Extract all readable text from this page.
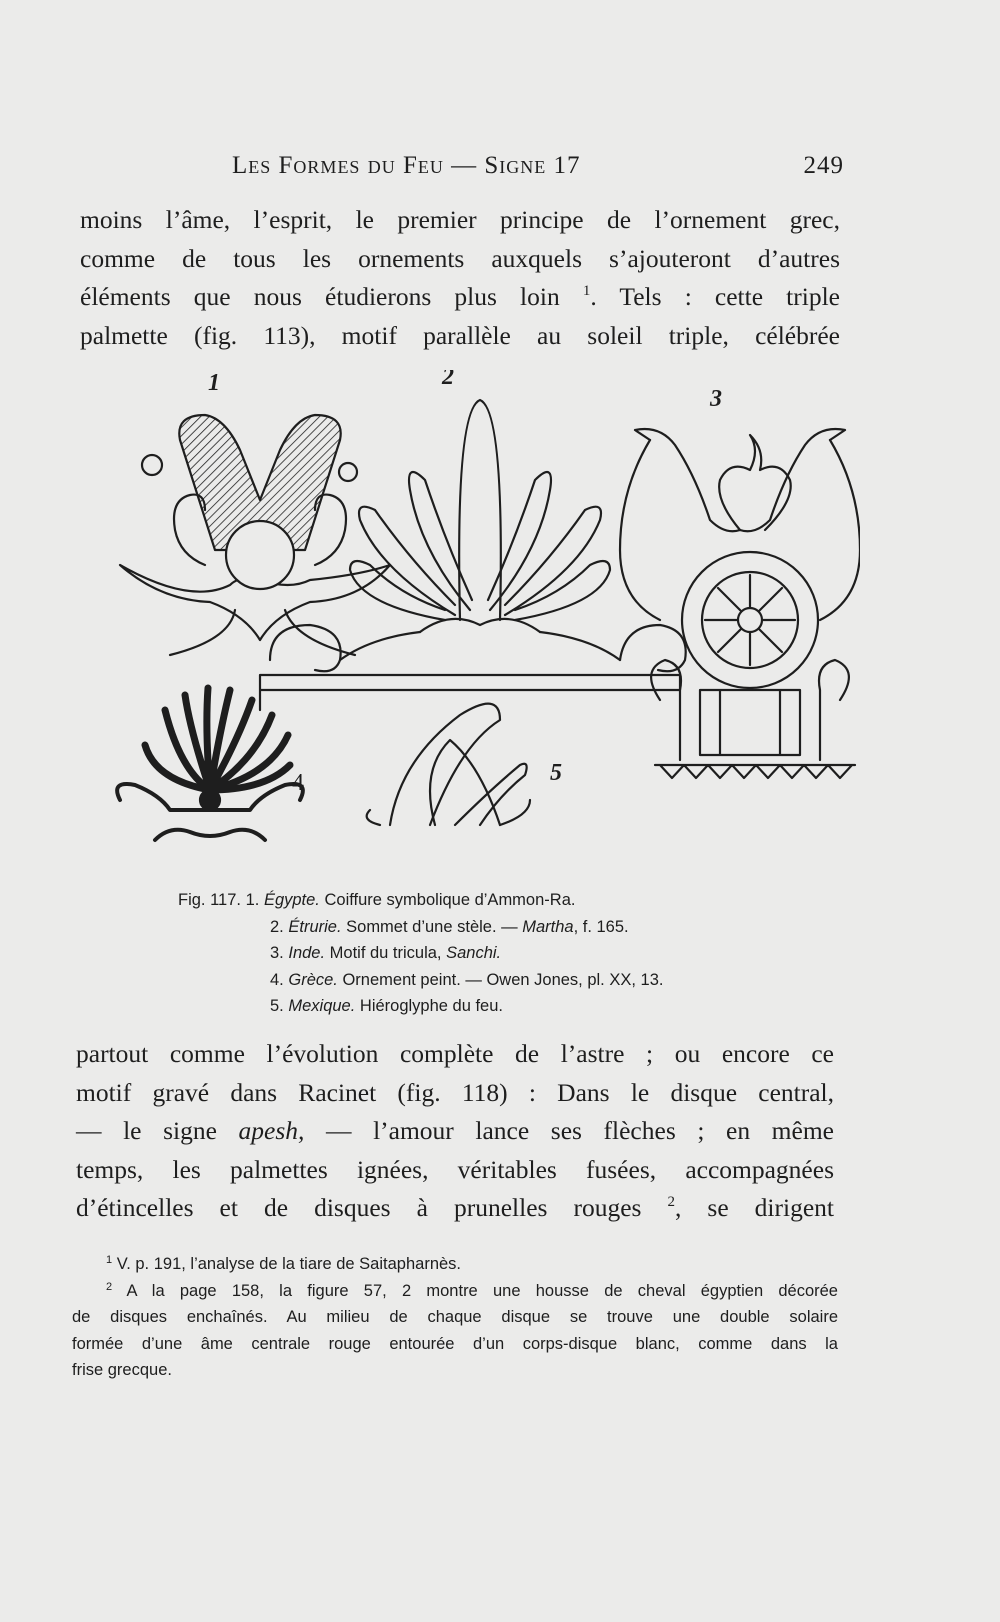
Les Formes du Feu — Signe 17	249
moins l’âme, l’esprit, le premier principe de l’ornement grec,
comme de tous les ornements auxquels s’ajouteront d’autres
éléments que nous étudierons plus loin $^1$. Tels : cette triple
palmette (fig. 113), motif parallèle au soleil triple, célébrée
1	2
3
4	5
Fig. 117. 1. Égypte. Coiffure symbolique d’Ammon-Ra.
2. Étrurie. Sommet d’une stèle. — Martha, f. 165.
3. Inde. Motif du tricula, Sanchi.
4. Grèce. Ornement peint. — Owen Jones, pl. XX, 13.
5. Mexique. Hiéroglyphe du feu.
partout comme l’évolution complète de l’astre ; ou encore ce
motif gravé dans Racinet (fig. 118) : Dans le disque central,
— le signe apesh, — l’amour lance ses flèches ; en même
temps, les palmettes ignées, véritables fusées, accompagnées
d’étincelles et de disques à prunelles rouges $^2$, se dirigent
$^1$ V. p. 191, l’analyse de la tiare de Saitapharnès.
$^2$ A la page 158, la figure 57, 2 montre une housse de cheval égyptien décorée
de disques enchaînés. Au milieu de chaque disque se trouve une double solaire
formée d’une âme centrale rouge entourée d’un corps-disque blanc, comme dans la
frise grecque.
